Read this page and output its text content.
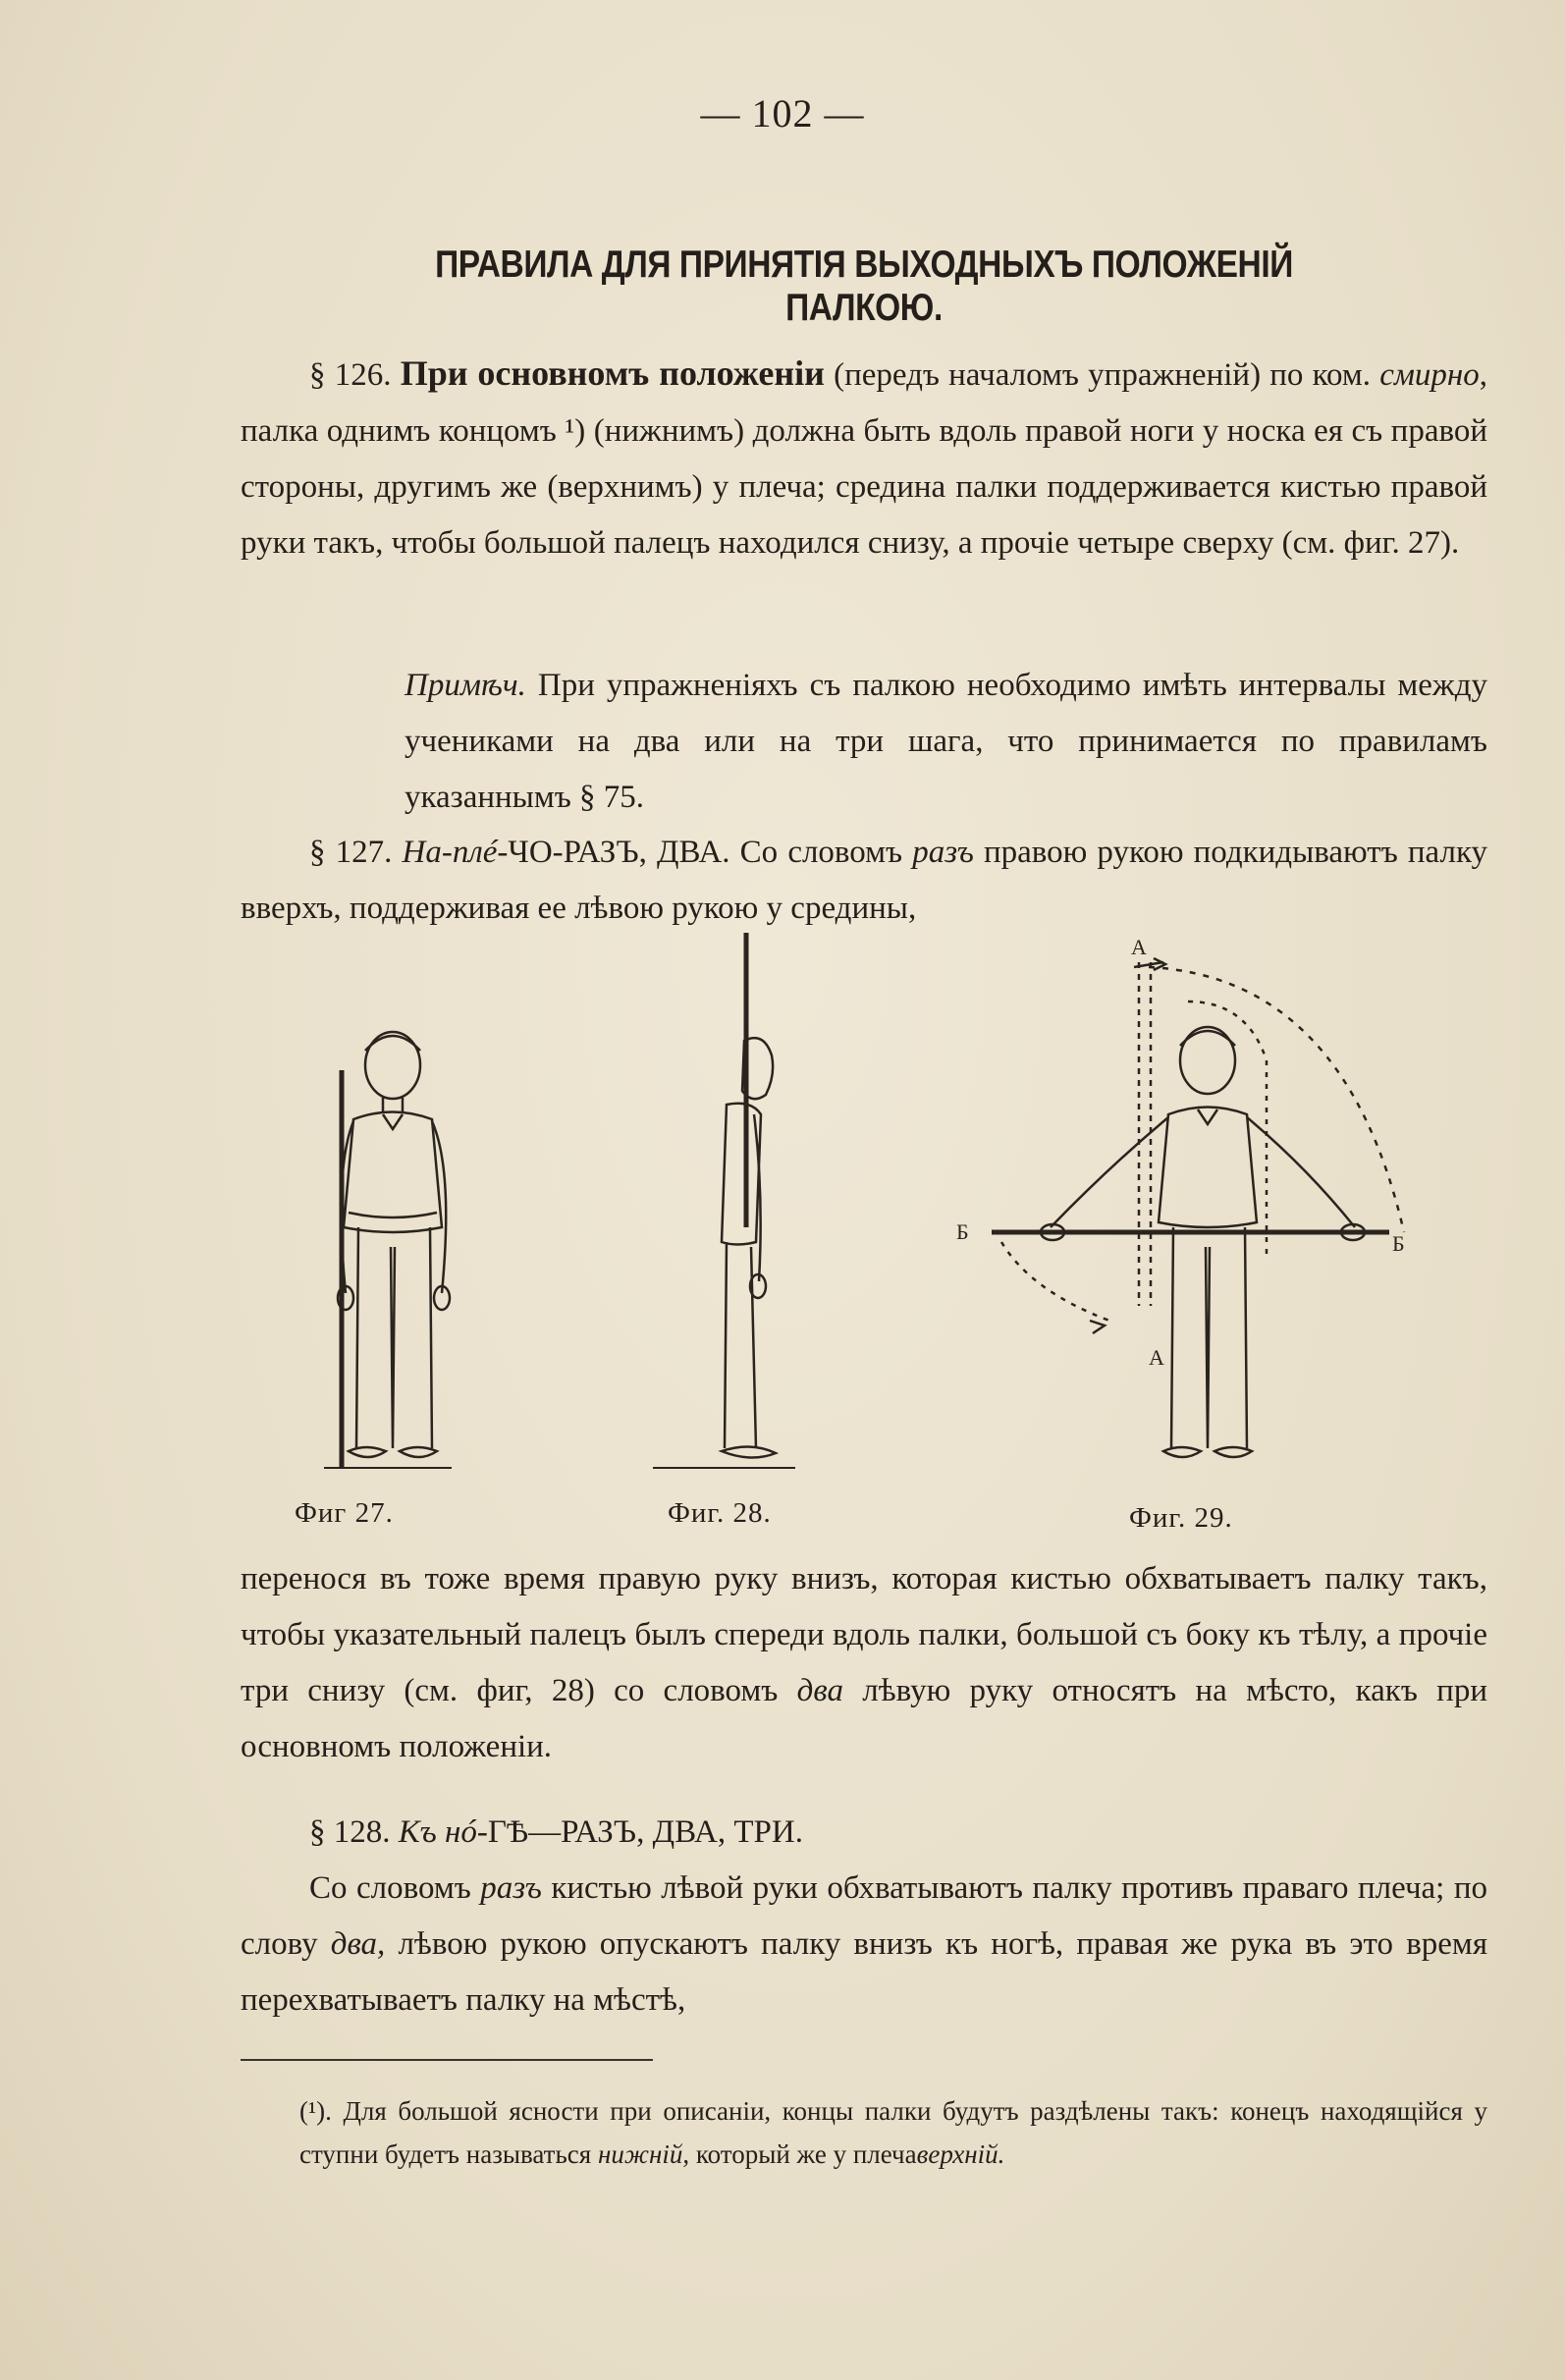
— 102 —
ПРАВИЛА ДЛЯ ПРИНЯТІЯ ВЫХОДНЫХЪ ПОЛОЖЕНІЙ ПАЛКОЮ.

§ 126. При основномъ положеніи (передъ началомъ упражненій) по ком. смирно, палка однимъ концомъ ¹) (нижнимъ) должна быть вдоль правой ноги у носка ея съ правой стороны, другимъ же (верхнимъ) у плеча; средина палки поддерживается кистью правой руки такъ, чтобы большой палецъ находился снизу, а прочіе четыре сверху (см. фиг. 27).

Примѣч. При упражненіяхъ съ палкою необходимо имѣть интервалы между учениками на два или на три шага, что принимается по правиламъ указаннымъ § 75.

§ 127. На-плé-ЧО-РАЗЪ, ДВА. Со словомъ разъ правою рукою подкидываютъ палку вверхъ, поддерживая ее лѣвою рукою у средины,

Фиг 27.	Фиг. 28.
А
А
Б	Б
Фиг. 29.

перенося въ тоже время правую руку внизъ, которая кистью обхватываетъ палку такъ, чтобы указательный палецъ былъ спереди вдоль палки, большой съ боку къ тѣлу, а прочіе три снизу (см. фиг, 28) со словомъ два лѣвую руку относятъ на мѣсто, какъ при основномъ положеніи.

§ 128. Къ нó-ГѢ—РАЗЪ, ДВА, ТРИ.

Со словомъ разъ кистью лѣвой руки обхватываютъ палку противъ праваго плеча; по слову два, лѣвою рукою опускаютъ палку внизъ къ ногѣ, правая же рука въ это время перехватываетъ палку на мѣстѣ,

(¹). Для большой ясности при описаніи, концы палки будутъ раздѣлены такъ: конецъ находящійся у ступни будетъ называться нижній, который же у плечаверхній.
